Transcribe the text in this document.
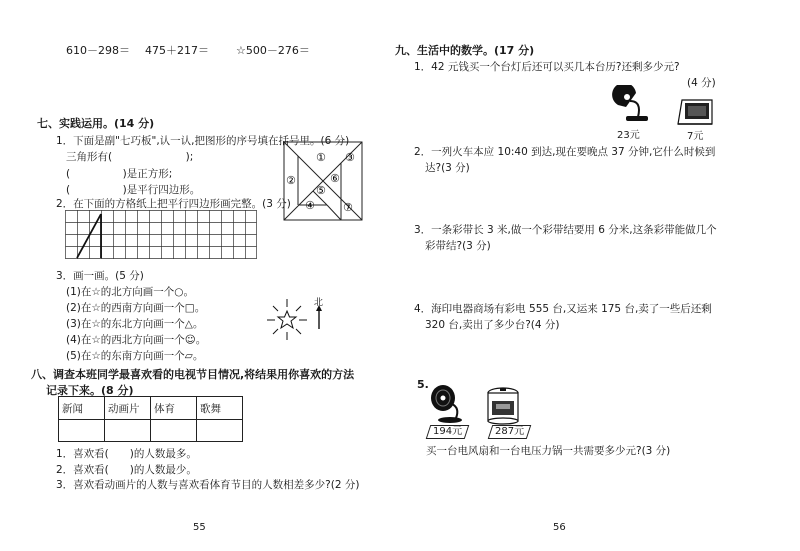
610－298＝ 475＋217＝ ☆500－276＝
七、实践运用。(14 分)
1．下面是副"七巧板",认一认,把图形的序号填在括号里。(6 分)
三角形有(　　　　　　　);
(　　　　　)是正方形;
(　　　　　)是平行四边形。
①
②
③
④
⑤
⑥
⑦
2．在下面的方格纸上把平行四边形画完整。(3 分)
3．画一画。(5 分)
(1)在☆的北方向画一个○。
(2)在☆的西南方向画一个□。
(3)在☆的东北方向画一个△。
(4)在☆的西北方向画一个☺。
(5)在☆的东南方向画一个▱。
北
八、调查本班同学最喜欢看的电视节目情况,将结果用你喜欢的方法
记录下来。(8 分)
新闻	动画片	体育	歌舞

1．喜欢看(　　)的人数最多。
2．喜欢看(　　)的人数最少。
3．喜欢看动画片的人数与喜欢看体育节目的人数相差多少?(2 分)
55
九、生活中的数学。(17 分)
1．42 元钱买一个台灯后还可以买几本台历?还剩多少元?
(4 分)
23元	7元
2．一列火车本应 10:40 到达,现在要晚点 37 分钟,它什么时候到
达?(3 分)
3．一条彩带长 3 米,做一个彩带结要用 6 分米,这条彩带能做几个
彩带结?(3 分)
4．海印电器商场有彩电 555 台,又运来 175 台,卖了一些后还剩
320 台,卖出了多少台?(4 分)
5.
194元	287元
买一台电风扇和一台电压力锅一共需要多少元?(3 分)
56
